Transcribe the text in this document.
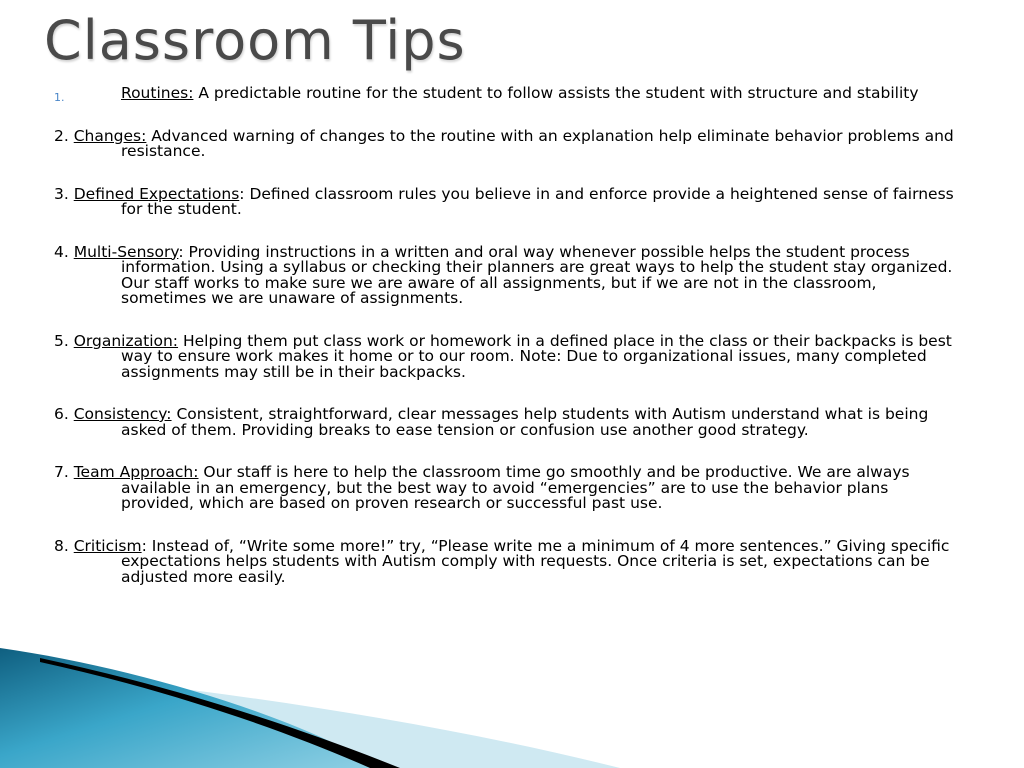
Classroom Tips
1.	Routines: A predictable routine for the student to follow assists the student with structure and stability
2. Changes: Advanced warning of changes to the routine with an explanation help eliminate behavior problems and resistance.
3. Defined Expectations: Defined classroom rules you believe in and enforce provide a heightened sense of fairness for the student.
4. Multi-Sensory: Providing instructions in a written and oral way whenever possible helps the student process information. Using a syllabus or checking their planners are great ways to help the student stay organized. Our staff works to make sure we are aware of all assignments, but if we are not in the classroom, sometimes we are unaware of assignments.
5. Organization: Helping them put class work or homework in a defined place in the class or their backpacks is best way to ensure work makes it home or to our room. Note: Due to organizational issues, many completed assignments may still be in their backpacks.
6. Consistency: Consistent, straightforward, clear messages help students with Autism understand what is being asked of them. Providing breaks to ease tension or confusion use another good strategy.
7. Team Approach: Our staff is here to help the classroom time go smoothly and be productive. We are always available in an emergency, but the best way to avoid “emergencies” are to use the behavior plans provided, which are based on proven research or successful past use.
8. Criticism: Instead of, “Write some more!” try, “Please write me a minimum of 4 more sentences.” Giving specific expectations helps students with Autism comply with requests. Once criteria is set, expectations can be adjusted more easily.
